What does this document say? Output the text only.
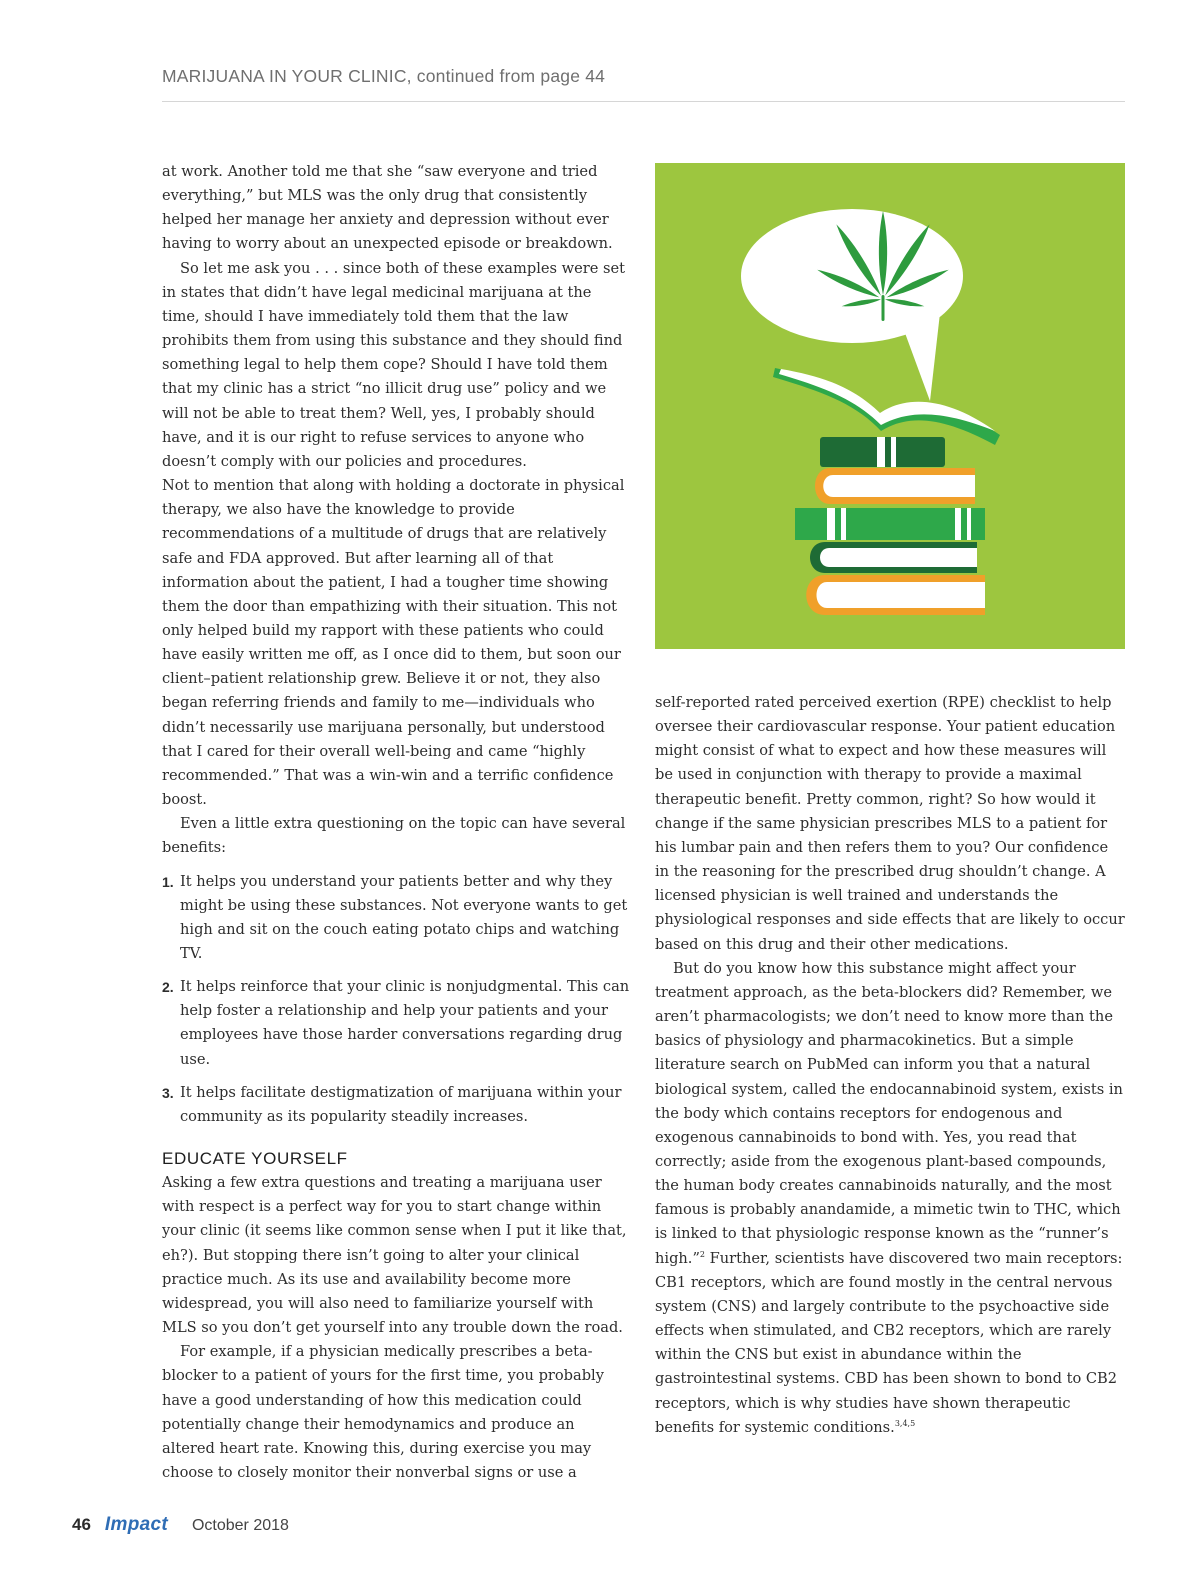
MARIJUANA IN YOUR CLINIC, continued from page 44

at work. Another told me that she “saw everyone and tried everything,” but MLS was the only drug that consistently helped her manage her anxiety and depression without ever having to worry about an unexpected episode or breakdown.

So let me ask you . . . since both of these examples were set in states that didn’t have legal medicinal marijuana at the time, should I have immediately told them that the law prohibits them from using this substance and they should find something legal to help them cope? Should I have told them that my clinic has a strict “no illicit drug use” policy and we will not be able to treat them? Well, yes, I probably should have, and it is our right to refuse services to anyone who doesn’t comply with our policies and procedures.

Not to mention that along with holding a doctorate in physical therapy, we also have the knowledge to provide recommendations of a multitude of drugs that are relatively safe and FDA approved. But after learning all of that information about the patient, I had a tougher time showing them the door than empathizing with their situation. This not only helped build my rapport with these patients who could have easily written me off, as I once did to them, but soon our client–patient relationship grew. Believe it or not, they also began referring friends and family to me—individuals who didn’t necessarily use marijuana personally, but understood that I cared for their overall well-being and came “highly recommended.” That was a win-win and a terrific confidence boost.

Even a little extra questioning on the topic can have several benefits:

1. It helps you understand your patients better and why they might be using these substances. Not everyone wants to get high and sit on the couch eating potato chips and watching TV.
2. It helps reinforce that your clinic is nonjudgmental. This can help foster a relationship and help your patients and your employees have those harder conversations regarding drug use.
3. It helps facilitate destigmatization of marijuana within your community as its popularity steadily increases.
EDUCATE YOURSELF

Asking a few extra questions and treating a marijuana user with respect is a perfect way for you to start change within your clinic (it seems like common sense when I put it like that, eh?). But stopping there isn’t going to alter your clinical practice much. As its use and availability become more widespread, you will also need to familiarize yourself with MLS so you don’t get yourself into any trouble down the road.

For example, if a physician medically prescribes a beta-blocker to a patient of yours for the first time, you probably have a good understanding of how this medication could potentially change their hemodynamics and produce an altered heart rate. Knowing this, during exercise you may choose to closely monitor their nonverbal signs or use a

self-reported rated perceived exertion (RPE) checklist to help oversee their cardiovascular response. Your patient education might consist of what to expect and how these measures will be used in conjunction with therapy to provide a maximal therapeutic benefit. Pretty common, right? So how would it change if the same physician prescribes MLS to a patient for his lumbar pain and then refers them to you? Our confidence in the reasoning for the prescribed drug shouldn’t change. A licensed physician is well trained and understands the physiological responses and side effects that are likely to occur based on this drug and their other medications.

But do you know how this substance might affect your treatment approach, as the beta-blockers did? Remember, we aren’t pharmacologists; we don’t need to know more than the basics of physiology and pharmacokinetics. But a simple literature search on PubMed can inform you that a natural biological system, called the endocannabinoid system, exists in the body which contains receptors for endogenous and exogenous cannabinoids to bond with. Yes, you read that correctly; aside from the exogenous plant-based compounds, the human body creates cannabinoids naturally, and the most famous is probably anandamide, a mimetic twin to THC, which is linked to that physiologic response known as the “runner’s high.”$^2$ Further, scientists have discovered two main receptors: CB1 receptors, which are found mostly in the central nervous system (CNS) and largely contribute to the psychoactive side effects when stimulated, and CB2 receptors, which are rarely within the CNS but exist in abundance within the gastrointestinal systems. CBD has been shown to bond to CB2 receptors, which is why studies have shown therapeutic benefits for systemic conditions.$^{3,4,5}$

46 Impact October 2018
